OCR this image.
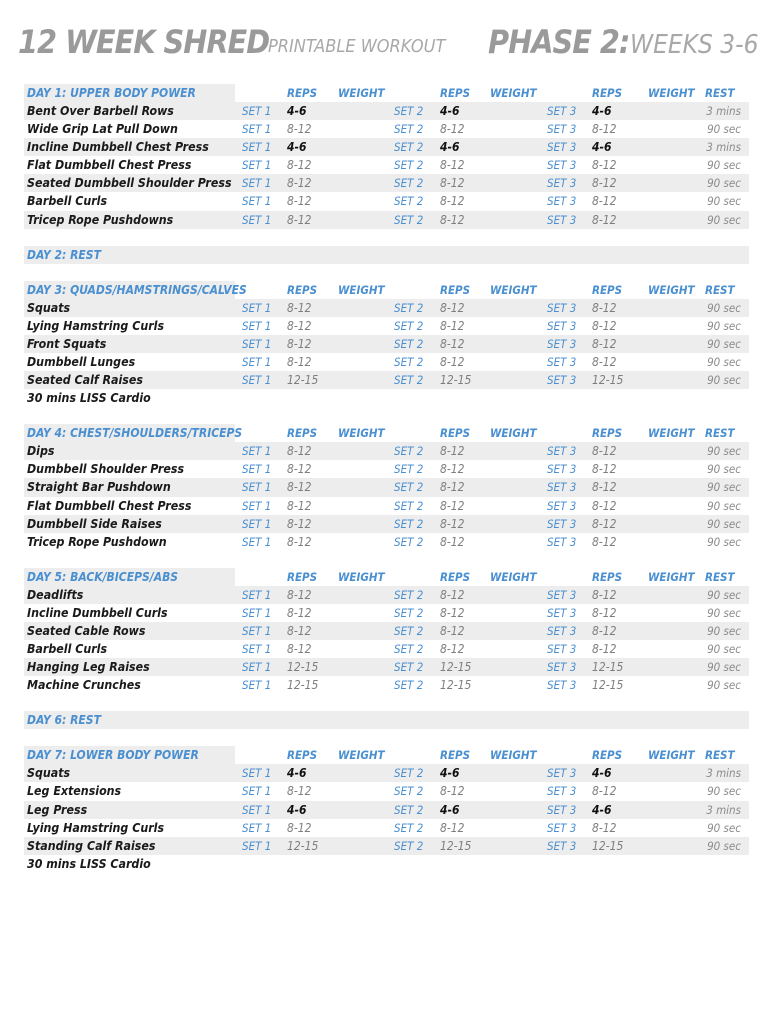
12 WEEK SHRED
PRINTABLE WORKOUT PHASE 2: WEEKS 3-6
DAY 1: UPPER BODY POWER	REPS WEIGHT	REPS WEIGHT	REPS WEIGHT REST
Bent Over Barbell Rows	SET 1 4-6	SET 2 4-6	SET 3 4-6	3 mins
Wide Grip Lat Pull Down	SET 1 8-12	SET 2 8-12	SET 3 8-12	90 sec
Incline Dumbbell Chest Press	SET 1 4-6	SET 2 4-6	SET 3 4-6	3 mins
Flat Dumbbell Chest Press	SET 1 8-12	SET 2 8-12	SET 3 8-12	90 sec
Seated Dumbbell Shoulder Press SET 1 8-12	SET 2 8-12	SET 3 8-12	90 sec
Barbell Curls	SET 1 8-12	SET 2 8-12	SET 3 8-12	90 sec
Tricep Rope Pushdowns	SET 1 8-12	SET 2 8-12	SET 3 8-12	90 sec
DAY 2: REST
DAY 3: QUADS/HAMSTRINGS/CALVES	REPS WEIGHT	REPS WEIGHT	REPS WEIGHT REST
Squats	SET 1 8-12	SET 2 8-12	SET 3 8-12	90 sec
Lying Hamstring Curls	SET 1 8-12	SET 2 8-12	SET 3 8-12	90 sec
Front Squats	SET 1 8-12	SET 2 8-12	SET 3 8-12	90 sec
Dumbbell Lunges	SET 1 8-12	SET 2 8-12	SET 3 8-12	90 sec
Seated Calf Raises	SET 1 12-15	SET 2 12-15	SET 3 12-15	90 sec
30 mins LISS Cardio
DAY 4: CHEST/SHOULDERS/TRICEPS	REPS WEIGHT	REPS WEIGHT	REPS WEIGHT REST
Dips	SET 1 8-12	SET 2 8-12	SET 3 8-12	90 sec
Dumbbell Shoulder Press	SET 1 8-12	SET 2 8-12	SET 3 8-12	90 sec
Straight Bar Pushdown	SET 1 8-12	SET 2 8-12	SET 3 8-12	90 sec
Flat Dumbbell Chest Press	SET 1 8-12	SET 2 8-12	SET 3 8-12	90 sec
Dumbbell Side Raises	SET 1 8-12	SET 2 8-12	SET 3 8-12	90 sec
Tricep Rope Pushdown	SET 1 8-12	SET 2 8-12	SET 3 8-12	90 sec
DAY 5: BACK/BICEPS/ABS	REPS WEIGHT	REPS WEIGHT	REPS WEIGHT REST
Deadlifts	SET 1 8-12	SET 2 8-12	SET 3 8-12	90 sec
Incline Dumbbell Curls	SET 1 8-12	SET 2 8-12	SET 3 8-12	90 sec
Seated Cable Rows	SET 1 8-12	SET 2 8-12	SET 3 8-12	90 sec
Barbell Curls	SET 1 8-12	SET 2 8-12	SET 3 8-12	90 sec
Hanging Leg Raises	SET 1 12-15	SET 2 12-15	SET 3 12-15	90 sec
Machine Crunches	SET 1 12-15	SET 2 12-15	SET 3 12-15	90 sec
DAY 6: REST
DAY 7: LOWER BODY POWER	REPS WEIGHT	REPS WEIGHT	REPS WEIGHT REST
Squats	SET 1 4-6	SET 2 4-6	SET 3 4-6	3 mins
Leg Extensions	SET 1 8-12	SET 2 8-12	SET 3 8-12	90 sec
Leg Press	SET 1 4-6	SET 2 4-6	SET 3 4-6	3 mins
Lying Hamstring Curls	SET 1 8-12	SET 2 8-12	SET 3 8-12	90 sec
Standing Calf Raises	SET 1 12-15	SET 2 12-15	SET 3 12-15	90 sec
30 mins LISS Cardio
